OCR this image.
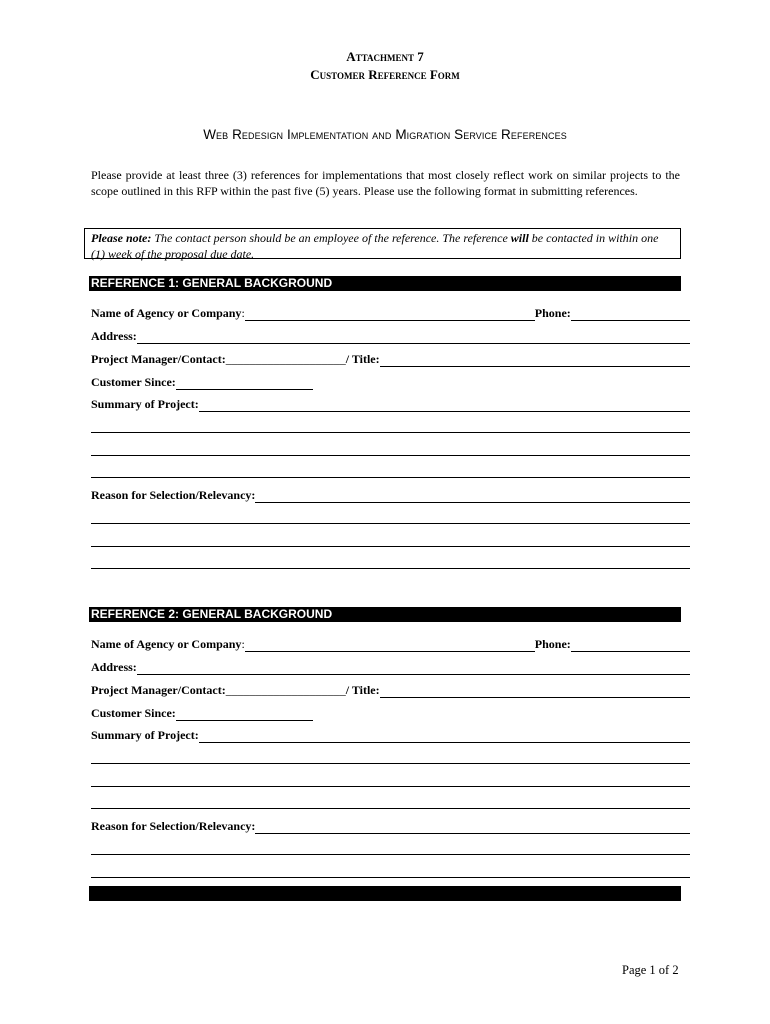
Attachment 7
Customer Reference Form
Web Redesign Implementation and Migration Service References
Please provide at least three (3) references for implementations that most closely reflect work on similar projects to the scope outlined in this RFP within the past five (5) years. Please use the following format in submitting references.
Please note: The contact person should be an employee of the reference. The reference will be contacted in within one (1) week of the proposal due date.
REFERENCE 1: GENERAL BACKGROUND
Name of Agency or Company:	Phone:
Address:
Project Manager/Contact: ____________________ / Title:
Customer Since:
Summary of Project:
Reason for Selection/Relevancy:
REFERENCE 2: GENERAL BACKGROUND
Name of Agency or Company:	Phone:
Address:
Project Manager/Contact: ____________________ / Title:
Customer Since:
Summary of Project:
Reason for Selection/Relevancy:
Page 1 of 2
